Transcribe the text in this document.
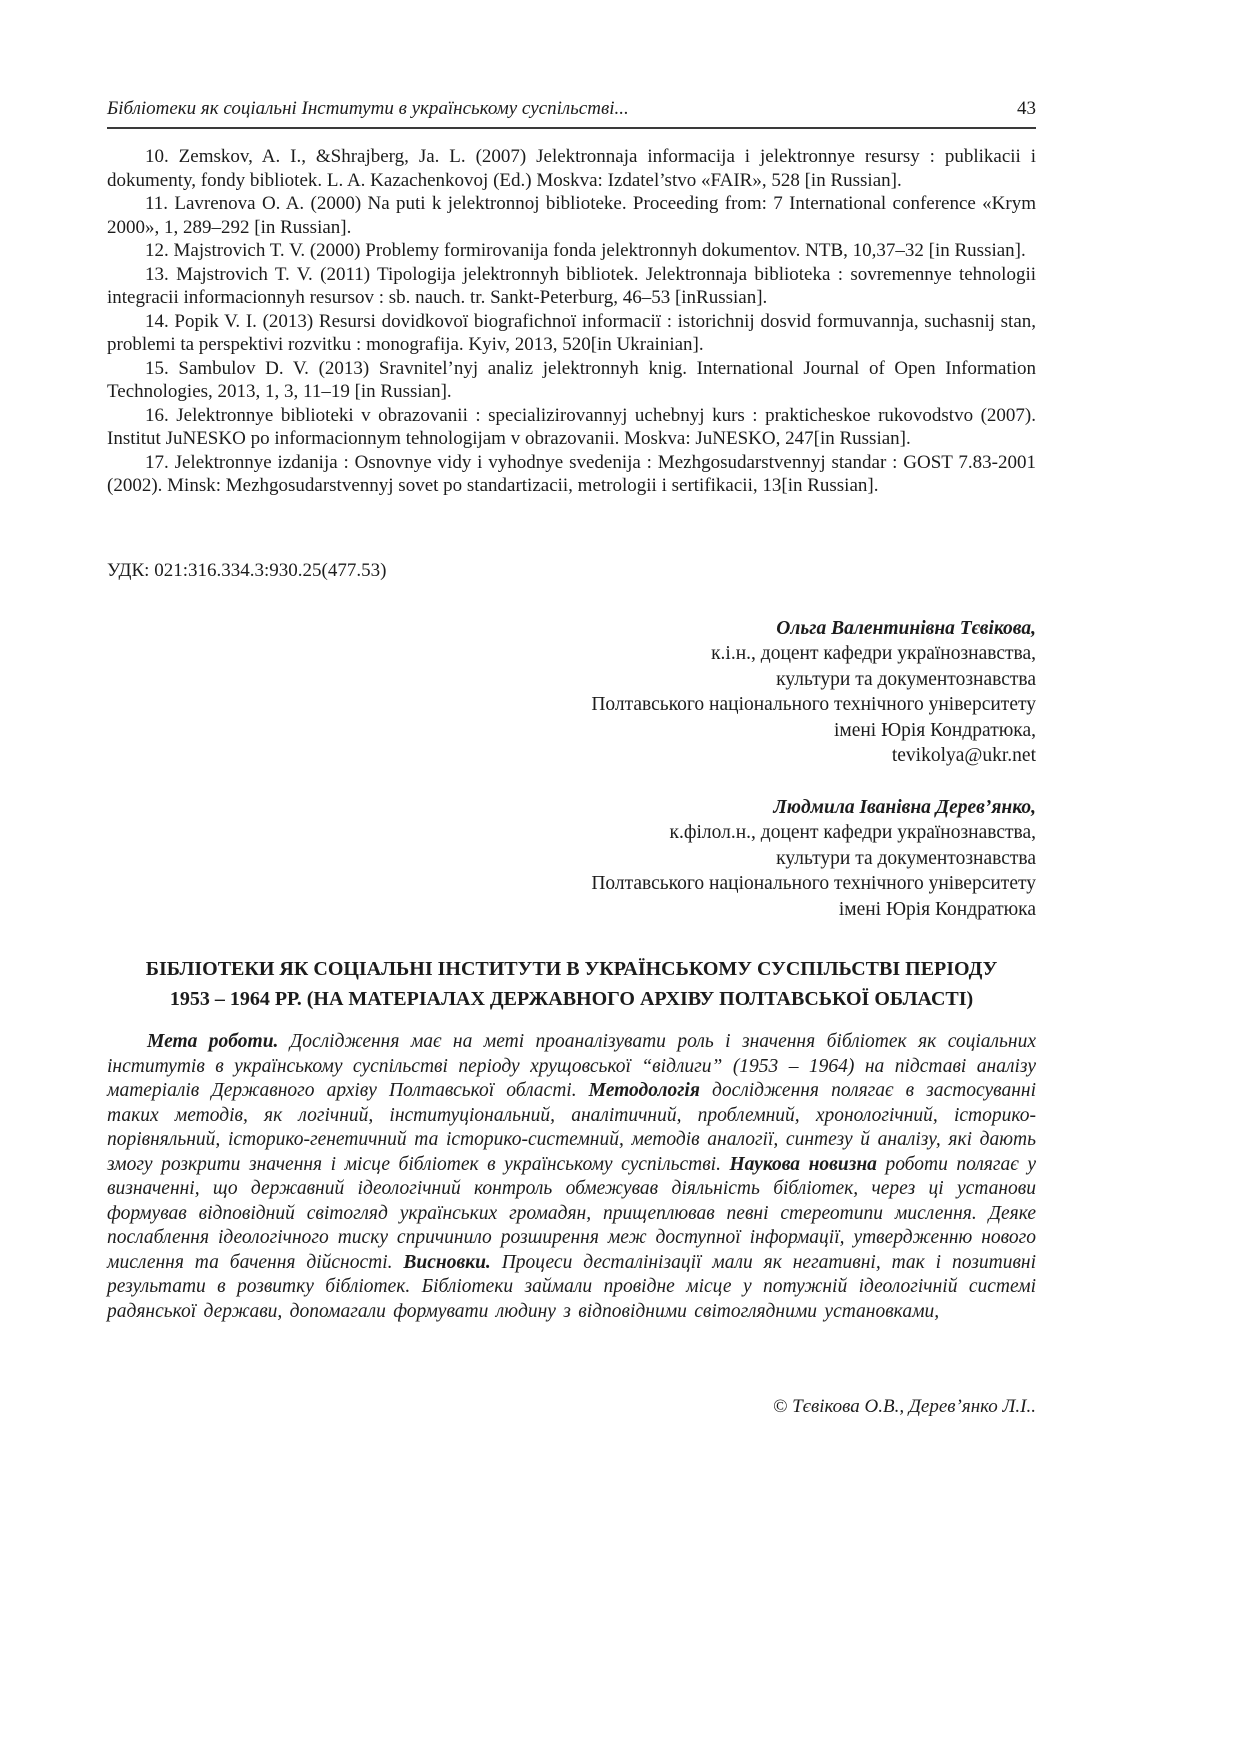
Бібліотеки як соціальні Інститути в українському суспільстві...	43

10. Zemskov, A. I., &Shrajberg, Ja. L. (2007) Jelektronnaja informacija i jelektronnye resursy : publikacii i dokumenty, fondy bibliotek. L. A. Kazachenkovoj (Ed.) Moskva: Izdatel’stvo «FAIR», 528 [in Russian].

11. Lavrenova O. A. (2000) Na puti k jelektronnoj biblioteke. Proceeding from: 7 International conference «Krym 2000», 1, 289–292 [in Russian].

12. Majstrovich T. V. (2000) Problemy formirovanija fonda jelektronnyh dokumentov. NTB, 10,37–32 [in Russian].

13. Majstrovich T. V. (2011) Tipologija jelektronnyh bibliotek. Jelektronnaja biblioteka : sovremennye tehnologii integracii informacionnyh resursov : sb. nauch. tr. Sankt-Peterburg, 46–53 [inRussian].

14. Popik V. I. (2013) Resursi dovidkovoї biografichnoї informaciї : istorichnij dosvid formuvannja, suchasnij stan, problemi ta perspektivi rozvitku : monografija. Kyiv, 2013, 520[in Ukrainian].

15. Sambulov D. V. (2013) Sravnitel’nyj analiz jelektronnyh knig. International Journal of Open Information Technologies, 2013, 1, 3, 11–19 [in Russian].

16. Jelektronnye biblioteki v obrazovanii : specializirovannyj uchebnyj kurs : prakticheskoe rukovodstvo (2007). Institut JuNESKO po informacionnym tehnologijam v obrazovanii. Moskva: JuNESKO, 247[in Russian].

17. Jelektronnye izdanija : Osnovnye vidy i vyhodnye svedenija : Mezhgosudarstvennyj standar : GOST 7.83-2001 (2002). Minsk: Mezhgosudarstvennyj sovet po standartizacii, metrologii i sertifikacii, 13[in Russian].

УДК: 021:316.334.3:930.25(477.53)

Ольга Валентинівна Тєвікова,

к.і.н., доцент кафедри українознавства,

культури та документознавства

Полтавського національного технічного університету

імені Юрія Кондратюка,

tevikolya@ukr.net

Людмила Іванівна Дерев’янко,

к.філол.н., доцент кафедри українознавства,

культури та документознавства

Полтавського національного технічного університету

імені Юрія Кондратюка

БІБЛІОТЕКИ ЯК СОЦІАЛЬНІ ІНСТИТУТИ В УКРАЇНСЬКОМУ СУСПІЛЬСТВІ ПЕРІОДУ 1953 – 1964 РР. (НА МАТЕРІАЛАХ ДЕРЖАВНОГО АРХІВУ ПОЛТАВСЬКОЇ ОБЛАСТІ)

Мета роботи. Дослідження має на меті проаналізувати роль і значення бібліотек як соціальних інститутів в українському суспільстві періоду хрущовської “відлиги” (1953 – 1964) на підставі аналізу матеріалів Державного архіву Полтавської області. Методологія дослідження полягає в застосуванні таких методів, як логічний, інституціональний, аналітичний, проблемний, хронологічний, історико-порівняльний, історико-генетичний та історико-системний, методів аналогії, синтезу й аналізу, які дають змогу розкрити значення і місце бібліотек в українському суспільстві. Наукова новизна роботи полягає у визначенні, що державний ідеологічний контроль обмежував діяльність бібліотек, через ці установи формував відповідний світогляд українських громадян, прищеплював певні стереотипи мислення. Деяке послаблення ідеологічного тиску спричинило розширення меж доступної інформації, утвердженню нового мислення та бачення дійсності. Висновки. Процеси десталінізації мали як негативні, так і позитивні результати в розвитку бібліотек. Бібліотеки займали провідне місце у потужній ідеологічній системі радянської держави, допомагали формувати людину з відповідними світоглядними установками,

© Тєвікова О.В., Дерев’янко Л.І..
